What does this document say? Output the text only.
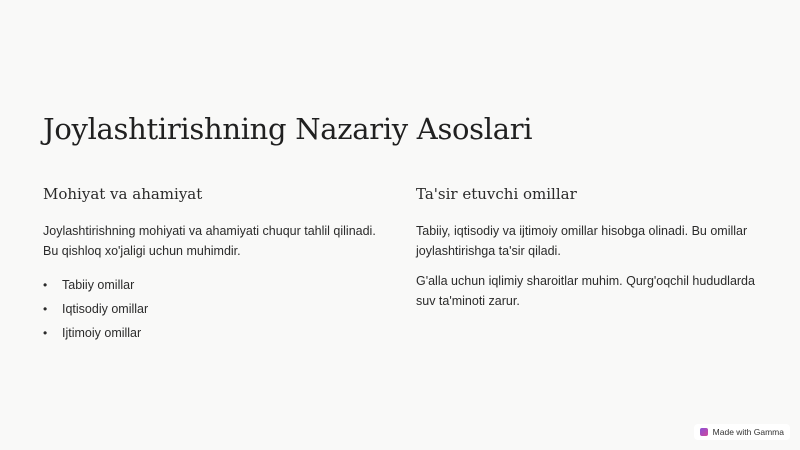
Joylashtirishning Nazariy Asoslari
Mohiyat va ahamiyat

Joylashtirishning mohiyati va ahamiyati chuqur tahlil qilinadi. Bu qishloq xo'jaligi uchun muhimdir.

• Tabiiy omillar
• Iqtisodiy omillar
• Ijtimoiy omillar
Ta'sir etuvchi omillar

Tabiiy, iqtisodiy va ijtimoiy omillar hisobga olinadi. Bu omillar joylashtirishga ta'sir qiladi.

G'alla uchun iqlimiy sharoitlar muhim. Qurg'oqchil hududlarda suv ta'minoti zarur.

Made with Gamma
